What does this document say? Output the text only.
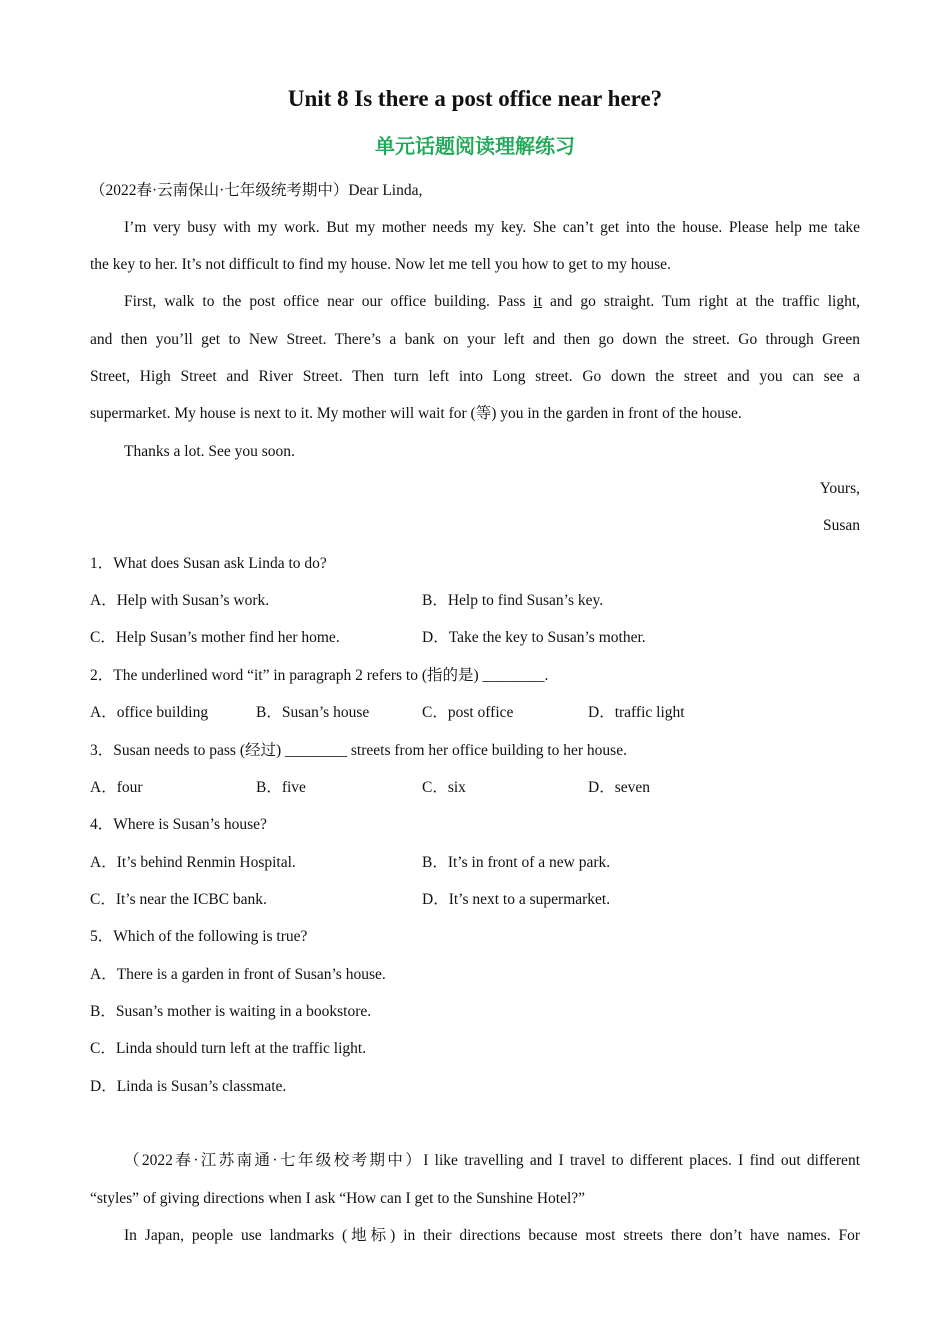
Unit 8 Is there a post office near here?
单元话题阅读理解练习
（2022春·云南保山·七年级统考期中）Dear Linda,
I’m very busy with my work. But my mother needs my key. She can’t get into the house. Please help me take
the key to her. It’s not difficult to find my house. Now let me tell you how to get to my house.
First, walk to the post office near our office building. Pass it and go straight. Tum right at the traffic light,
and then you’ll get to New Street. There’s a bank on your left and then go down the street. Go through Green
Street, High Street and River Street. Then turn left into Long street. Go down the street and you can see a
supermarket. My house is next to it. My mother will wait for (等) you in the garden in front of the house.
Thanks a lot. See you soon.
Yours,
Susan
1．What does Susan ask Linda to do?
A．Help with Susan’s work.	B．Help to find Susan’s key.
C．Help Susan’s mother find her home.	D．Take the key to Susan’s mother.
2．The underlined word “it” in paragraph 2 refers to (指的是) ________.
A．office building	B．Susan’s house	C．post office	D．traffic light
3．Susan needs to pass (经过) ________ streets from her office building to her house.
A．four	B．five	C．six	D．seven
4．Where is Susan’s house?
A．It’s behind Renmin Hospital.	B．It’s in front of a new park.
C．It’s near the ICBC bank.	D．It’s next to a supermarket.
5．Which of the following is true?
A．There is a garden in front of Susan’s house.
B．Susan’s mother is waiting in a bookstore.
C．Linda should turn left at the traffic light.
D．Linda is Susan’s classmate.
（2022春·江苏南通·七年级校考期中）I like travelling and I travel to different places. I find out different
“styles” of giving directions when I ask “How can I get to the Sunshine Hotel?”
In Japan, people use landmarks (地标) in their directions because most streets there don’t have names. For
